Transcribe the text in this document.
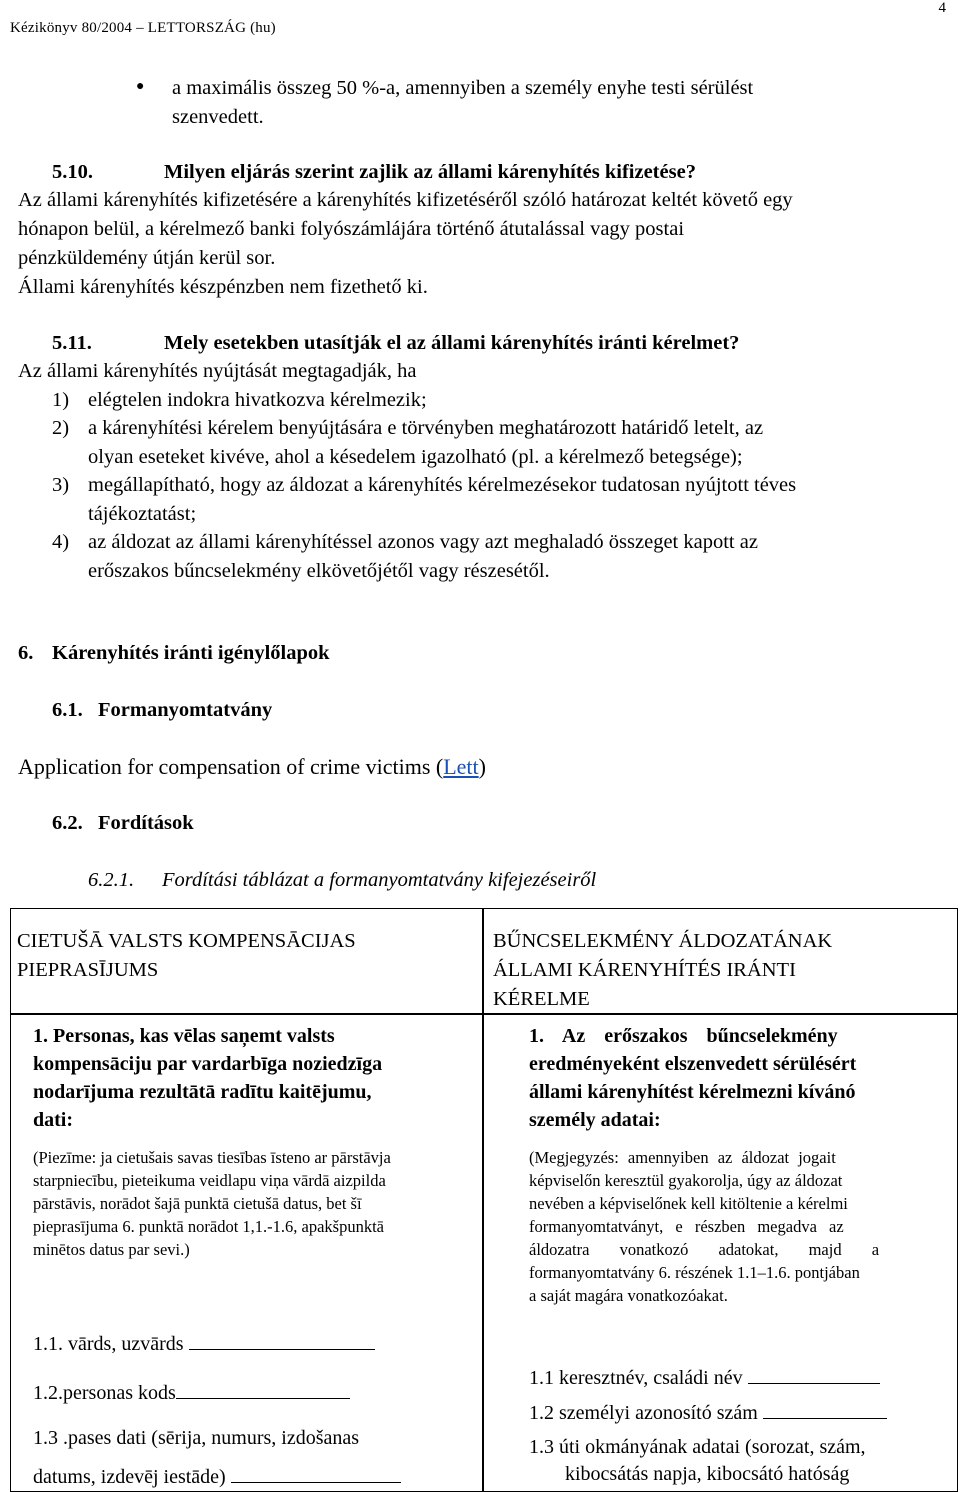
Kézikönyv 80/2004 – LETTORSZÁG (hu)
4
● a maximális összeg 50 %-a, amennyiben a személy enyhe testi sérülést
szenvedett.
5.10.	Milyen eljárás szerint zajlik az állami kárenyhítés kifizetése?
Az állami kárenyhítés kifizetésére a kárenyhítés kifizetéséről szóló határozat keltét követő egy
hónapon belül, a kérelmező banki folyószámlájára történő átutalással vagy postai
pénzküldemény útján kerül sor.
Állami kárenyhítés készpénzben nem fizethető ki.
5.11.	Mely esetekben utasítják el az állami kárenyhítés iránti kérelmet?
Az állami kárenyhítés nyújtását megtagadják, ha
1) elégtelen indokra hivatkozva kérelmezik;
2) a kárenyhítési kérelem benyújtására e törvényben meghatározott határidő letelt, az
olyan eseteket kivéve, ahol a késedelem igazolható (pl. a kérelmező betegsége);
3) megállapítható, hogy az áldozat a kárenyhítés kérelmezésekor tudatosan nyújtott téves
tájékoztatást;
4) az áldozat az állami kárenyhítéssel azonos vagy azt meghaladó összeget kapott az
erőszakos bűncselekmény elkövetőjétől vagy részesétől.
6. Kárenyhítés iránti igénylőlapok
6.1. Formanyomtatvány
Application for compensation of crime victims (Lett)
6.2. Fordítások
6.2.1. Fordítási táblázat a formanyomtatvány kifejezéseiről
CIETUŠĀ VALSTS KOMPENSĀCIJAS
PIEPRASĪJUMS
BŰNCSELEKMÉNY ÁLDOZATÁNAK
ÁLLAMI KÁRENYHÍTÉS IRÁNTI
KÉRELME
1. Personas, kas vēlas saņemt valsts
kompensāciju par vardarbīga noziedzīga
nodarījuma rezultātā radītu kaitējumu,
dati:
(Piezīme: ja cietušais savas tiesības īsteno ar pārstāvja
starpniecību, pieteikuma veidlapu viņa vārdā aizpilda
pārstāvis, norādot šajā punktā cietušā datus, bet šī
pieprasījuma 6. punktā norādot 1,1.-1.6, apakšpunktā
minētos datus par sevi.)
1.1. vārds, uzvārds
1.2.personas kods
1.3 .pases dati (sērija, numurs, izdošanas
datums, izdevēj iestāde)
1. Az erőszakos bűncselekmény
eredményeként elszenvedett sérülésért
állami kárenyhítést kérelmezni kívánó
személy adatai:
(Megjegyzés: amennyiben az áldozat jogait
képviselőn keresztül gyakorolja, úgy az áldozat
nevében a képviselőnek kell kitöltenie a kérelmi
formanyomtatványt, e részben megadva az
áldozatra vonatkozó adatokat, majd a
formanyomtatvány 6. részének 1.1–1.6. pontjában
a saját magára vonatkozóakat.
1.1 keresztnév, családi név
1.2 személyi azonosító szám
1.3 úti okmányának adatai (sorozat, szám,
kibocsátás napja, kibocsátó hatóság
